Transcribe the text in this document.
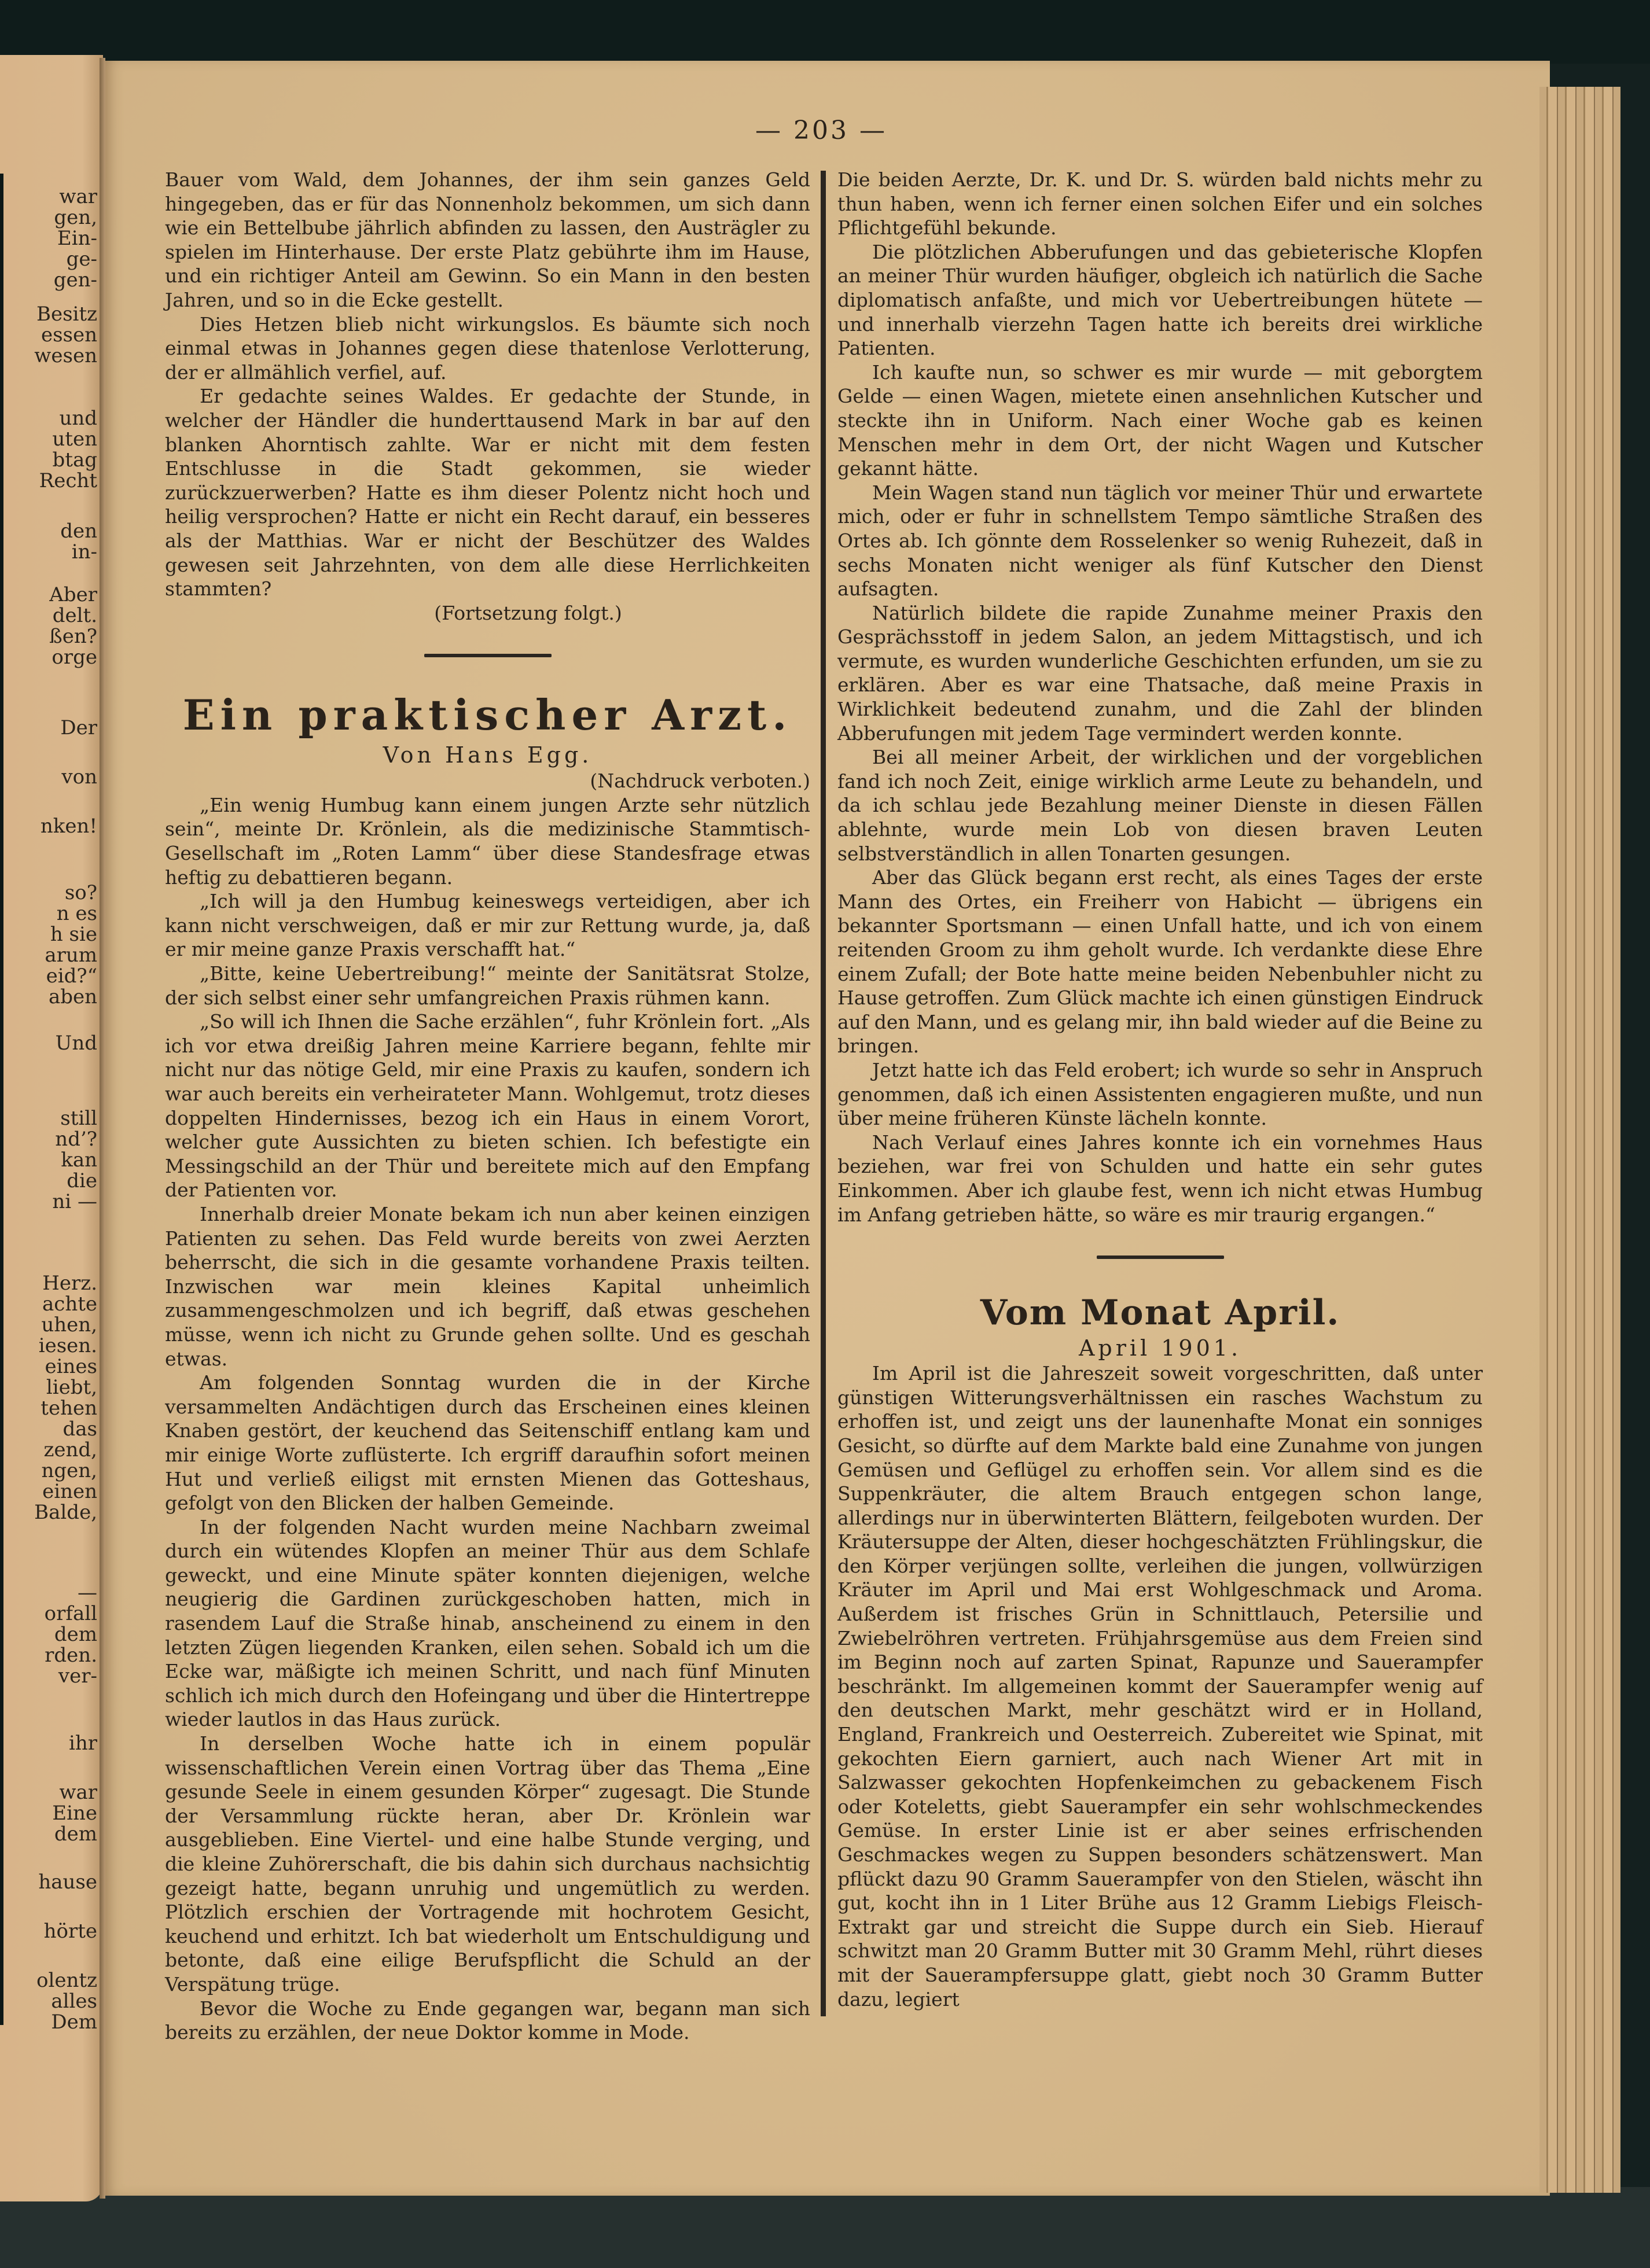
war
gen,
Ein-
ge-
gen-
Besitz
essen
wesen
und
uten
btag
Recht
den
in-
Aber
delt.
ßen?
orge
Der
von
nken!
so?
n es
h sie
arum
eid?“
aben
Und
still
nd’?
kan
die
ni —
Herz.
achte
uhen,
iesen.
eines
liebt,
tehen
das
zend,
ngen,
einen
Balde,
—
orfall
dem
rden.
ver-
ihr
war
Eine
dem
hause
hörte
olentz
alles
Dem
— 203 —

Bauer vom Wald, dem Johannes, der ihm sein ganzes Geld hingegeben, das er für das Nonnenholz bekommen, um sich dann wie ein Bettelbube jährlich abfinden zu lassen, den Austrägler zu spielen im Hinterhause. Der erste Platz gebührte ihm im Hause, und ein richtiger Anteil am Gewinn. So ein Mann in den besten Jahren, und so in die Ecke gestellt.

Dies Hetzen blieb nicht wirkungslos. Es bäumte sich noch einmal etwas in Johannes gegen diese thatenlose Verlotterung, der er allmählich verfiel, auf.

Er gedachte seines Waldes. Er gedachte der Stunde, in welcher der Händler die hunderttausend Mark in bar auf den blanken Ahorntisch zahlte. War er nicht mit dem festen Entschlusse in die Stadt gekommen, sie wieder zurückzuerwerben? Hatte es ihm dieser Polentz nicht hoch und heilig versprochen? Hatte er nicht ein Recht darauf, ein besseres als der Matthias. War er nicht der Beschützer des Waldes gewesen seit Jahrzehnten, von dem alle diese Herrlichkeiten stammten?

(Fortsetzung folgt.)

Ein praktischer Arzt.

Von Hans Egg.

(Nachdruck verboten.)

„Ein wenig Humbug kann einem jungen Arzte sehr nützlich sein“, meinte Dr. Krönlein, als die medizinische Stammtisch-Gesellschaft im „Roten Lamm“ über diese Standesfrage etwas heftig zu debattieren begann.

„Ich will ja den Humbug keineswegs verteidigen, aber ich kann nicht verschweigen, daß er mir zur Rettung wurde, ja, daß er mir meine ganze Praxis verschafft hat.“

„Bitte, keine Uebertreibung!“ meinte der Sanitätsrat Stolze, der sich selbst einer sehr umfangreichen Praxis rühmen kann.

„So will ich Ihnen die Sache erzählen“, fuhr Krönlein fort. „Als ich vor etwa dreißig Jahren meine Karriere begann, fehlte mir nicht nur das nötige Geld, mir eine Praxis zu kaufen, sondern ich war auch bereits ein verheirateter Mann. Wohlgemut, trotz dieses doppelten Hindernisses, bezog ich ein Haus in einem Vorort, welcher gute Aussichten zu bieten schien. Ich befestigte ein Messingschild an der Thür und bereitete mich auf den Empfang der Patienten vor.

Innerhalb dreier Monate bekam ich nun aber keinen einzigen Patienten zu sehen. Das Feld wurde bereits von zwei Aerzten beherrscht, die sich in die gesamte vorhandene Praxis teilten. Inzwischen war mein kleines Kapital unheimlich zusammengeschmolzen und ich begriff, daß etwas geschehen müsse, wenn ich nicht zu Grunde gehen sollte. Und es geschah etwas.

Am folgenden Sonntag wurden die in der Kirche versammelten Andächtigen durch das Erscheinen eines kleinen Knaben gestört, der keuchend das Seitenschiff entlang kam und mir einige Worte zuflüsterte. Ich ergriff daraufhin sofort meinen Hut und verließ eiligst mit ernsten Mienen das Gotteshaus, gefolgt von den Blicken der halben Gemeinde.

In der folgenden Nacht wurden meine Nachbarn zweimal durch ein wütendes Klopfen an meiner Thür aus dem Schlafe geweckt, und eine Minute später konnten diejenigen, welche neugierig die Gardinen zurückgeschoben hatten, mich in rasendem Lauf die Straße hinab, anscheinend zu einem in den letzten Zügen liegenden Kranken, eilen sehen. Sobald ich um die Ecke war, mäßigte ich meinen Schritt, und nach fünf Minuten schlich ich mich durch den Hofeingang und über die Hintertreppe wieder lautlos in das Haus zurück.

In derselben Woche hatte ich in einem populär wissenschaftlichen Verein einen Vortrag über das Thema „Eine gesunde Seele in einem gesunden Körper“ zugesagt. Die Stunde der Versammlung rückte heran, aber Dr. Krönlein war ausgeblieben. Eine Viertel- und eine halbe Stunde verging, und die kleine Zuhörerschaft, die bis dahin sich durchaus nachsichtig gezeigt hatte, begann unruhig und ungemütlich zu werden. Plötzlich erschien der Vortragende mit hochrotem Gesicht, keuchend und erhitzt. Ich bat wiederholt um Entschuldigung und betonte, daß eine eilige Berufspflicht die Schuld an der Verspätung trüge.

Bevor die Woche zu Ende gegangen war, begann man sich bereits zu erzählen, der neue Doktor komme in Mode.

Die beiden Aerzte, Dr. K. und Dr. S. würden bald nichts mehr zu thun haben, wenn ich ferner einen solchen Eifer und ein solches Pflichtgefühl bekunde.

Die plötzlichen Abberufungen und das gebieterische Klopfen an meiner Thür wurden häufiger, obgleich ich natürlich die Sache diplomatisch anfaßte, und mich vor Uebertreibungen hütete — und innerhalb vierzehn Tagen hatte ich bereits drei wirkliche Patienten.

Ich kaufte nun, so schwer es mir wurde — mit geborgtem Gelde — einen Wagen, mietete einen ansehnlichen Kutscher und steckte ihn in Uniform. Nach einer Woche gab es keinen Menschen mehr in dem Ort, der nicht Wagen und Kutscher gekannt hätte.

Mein Wagen stand nun täglich vor meiner Thür und erwartete mich, oder er fuhr in schnellstem Tempo sämtliche Straßen des Ortes ab. Ich gönnte dem Rosselenker so wenig Ruhezeit, daß in sechs Monaten nicht weniger als fünf Kutscher den Dienst aufsagten.

Natürlich bildete die rapide Zunahme meiner Praxis den Gesprächsstoff in jedem Salon, an jedem Mittagstisch, und ich vermute, es wurden wunderliche Geschichten erfunden, um sie zu erklären. Aber es war eine Thatsache, daß meine Praxis in Wirklichkeit bedeutend zunahm, und die Zahl der blinden Abberufungen mit jedem Tage vermindert werden konnte.

Bei all meiner Arbeit, der wirklichen und der vorgeblichen fand ich noch Zeit, einige wirklich arme Leute zu behandeln, und da ich schlau jede Bezahlung meiner Dienste in diesen Fällen ablehnte, wurde mein Lob von diesen braven Leuten selbstverständlich in allen Tonarten gesungen.

Aber das Glück begann erst recht, als eines Tages der erste Mann des Ortes, ein Freiherr von Habicht — übrigens ein bekannter Sportsmann — einen Unfall hatte, und ich von einem reitenden Groom zu ihm geholt wurde. Ich verdankte diese Ehre einem Zufall; der Bote hatte meine beiden Nebenbuhler nicht zu Hause getroffen. Zum Glück machte ich einen günstigen Eindruck auf den Mann, und es gelang mir, ihn bald wieder auf die Beine zu bringen.

Jetzt hatte ich das Feld erobert; ich wurde so sehr in Anspruch genommen, daß ich einen Assistenten engagieren mußte, und nun über meine früheren Künste lächeln konnte.

Nach Verlauf eines Jahres konnte ich ein vornehmes Haus beziehen, war frei von Schulden und hatte ein sehr gutes Einkommen. Aber ich glaube fest, wenn ich nicht etwas Humbug im Anfang getrieben hätte, so wäre es mir traurig ergangen.“

Vom Monat April.

April 1901.

Im April ist die Jahreszeit soweit vorgeschritten, daß unter günstigen Witterungsverhältnissen ein rasches Wachstum zu erhoffen ist, und zeigt uns der launenhafte Monat ein sonniges Gesicht, so dürfte auf dem Markte bald eine Zunahme von jungen Gemüsen und Geflügel zu erhoffen sein. Vor allem sind es die Suppenkräuter, die altem Brauch entgegen schon lange, allerdings nur in überwinterten Blättern, feilgeboten wurden. Der Kräutersuppe der Alten, dieser hochgeschätzten Frühlingskur, die den Körper verjüngen sollte, verleihen die jungen, vollwürzigen Kräuter im April und Mai erst Wohlgeschmack und Aroma. Außerdem ist frisches Grün in Schnittlauch, Petersilie und Zwiebelröhren vertreten. Frühjahrsgemüse aus dem Freien sind im Beginn noch auf zarten Spinat, Rapunze und Sauerampfer beschränkt. Im allgemeinen kommt der Sauerampfer wenig auf den deutschen Markt, mehr geschätzt wird er in Holland, England, Frankreich und Oesterreich. Zubereitet wie Spinat, mit gekochten Eiern garniert, auch nach Wiener Art mit in Salzwasser gekochten Hopfenkeimchen zu gebackenem Fisch oder Koteletts, giebt Sauerampfer ein sehr wohlschmeckendes Gemüse. In erster Linie ist er aber seines erfrischenden Geschmackes wegen zu Suppen besonders schätzenswert. Man pflückt dazu 90 Gramm Sauerampfer von den Stielen, wäscht ihn gut, kocht ihn in 1 Liter Brühe aus 12 Gramm Liebigs Fleisch-Extrakt gar und streicht die Suppe durch ein Sieb. Hierauf schwitzt man 20 Gramm Butter mit 30 Gramm Mehl, rührt dieses mit der Sauerampfersuppe glatt, giebt noch 30 Gramm Butter dazu, legiert
